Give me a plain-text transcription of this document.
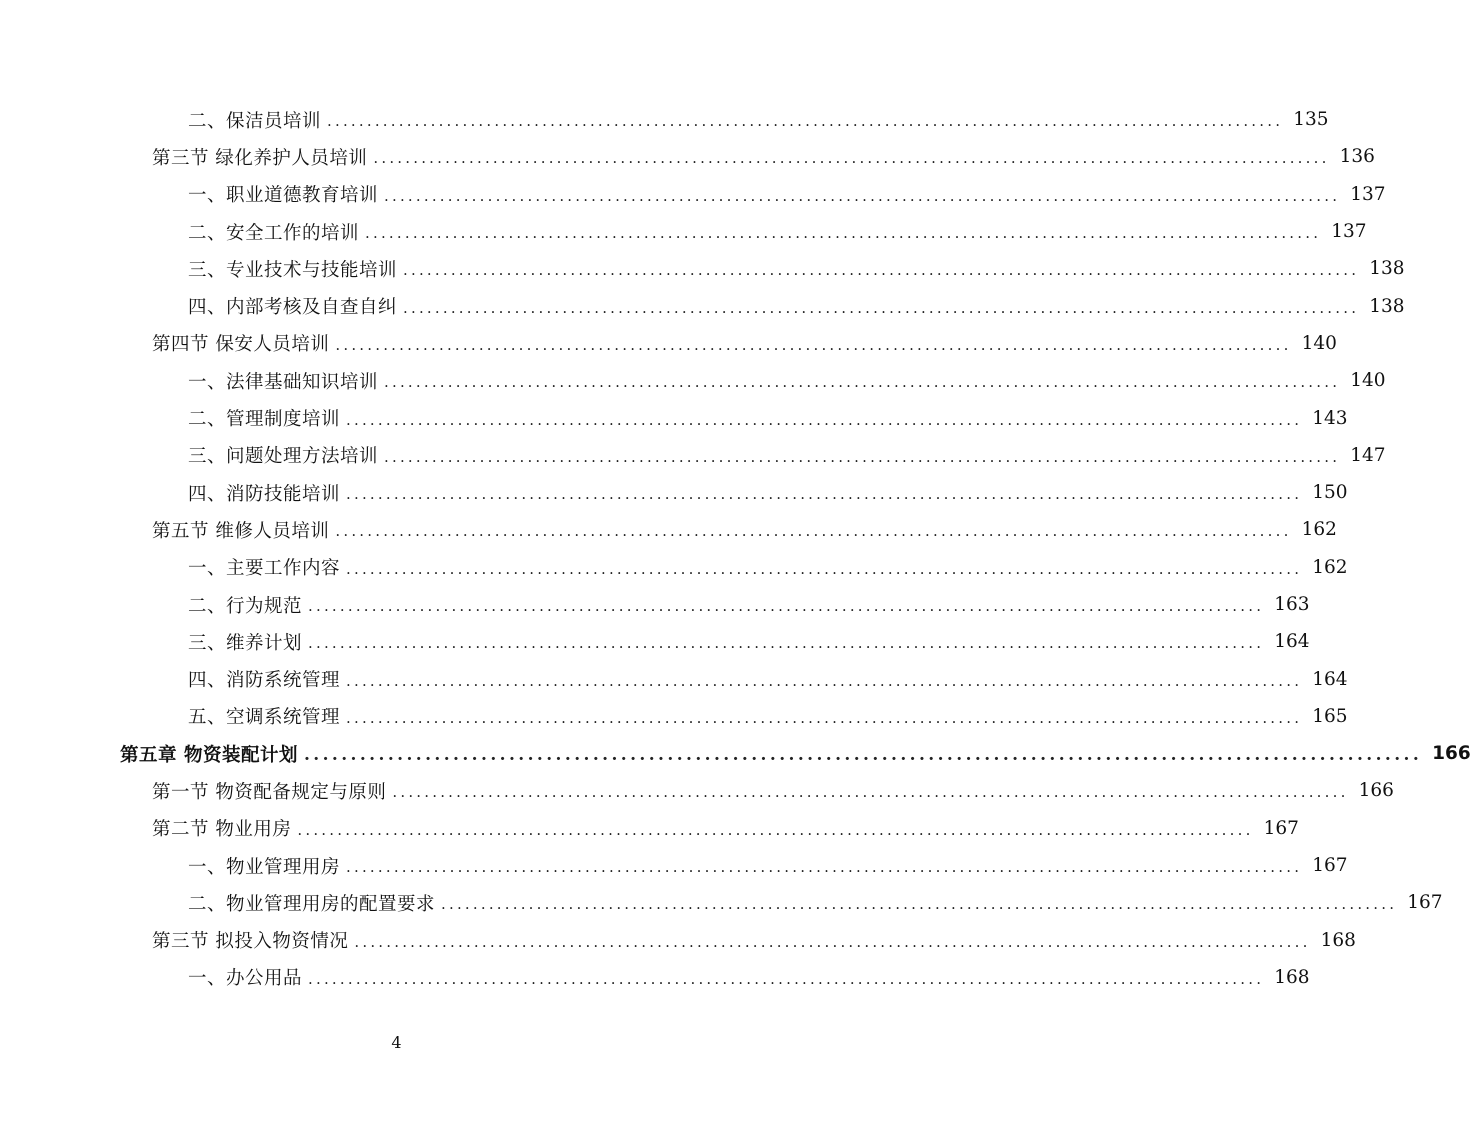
二、保洁员培训 ........................................................................................................................ 135
第三节 绿化养护人员培训 ........................................................................................................................ 136
一、职业道德教育培训 ........................................................................................................................ 137
二、安全工作的培训 ........................................................................................................................ 137
三、专业技术与技能培训 ........................................................................................................................ 138
四、内部考核及自查自纠 ........................................................................................................................ 138
第四节 保安人员培训 ........................................................................................................................ 140
一、法律基础知识培训 ........................................................................................................................ 140
二、管理制度培训 ........................................................................................................................ 143
三、问题处理方法培训 ........................................................................................................................ 147
四、消防技能培训 ........................................................................................................................ 150
第五节 维修人员培训 ........................................................................................................................ 162
一、主要工作内容 ........................................................................................................................ 162
二、行为规范 ........................................................................................................................ 163
三、维养计划 ........................................................................................................................ 164
四、消防系统管理 ........................................................................................................................ 164
五、空调系统管理 ........................................................................................................................ 165
第五章 物资装配计划 ........................................................................................................................ 166
第一节 物资配备规定与原则 ........................................................................................................................ 166
第二节 物业用房 ........................................................................................................................ 167
一、物业管理用房 ........................................................................................................................ 167
二、物业管理用房的配置要求 ........................................................................................................................ 167
第三节 拟投入物资情况 ........................................................................................................................ 168
一、办公用品 ........................................................................................................................ 168
4
